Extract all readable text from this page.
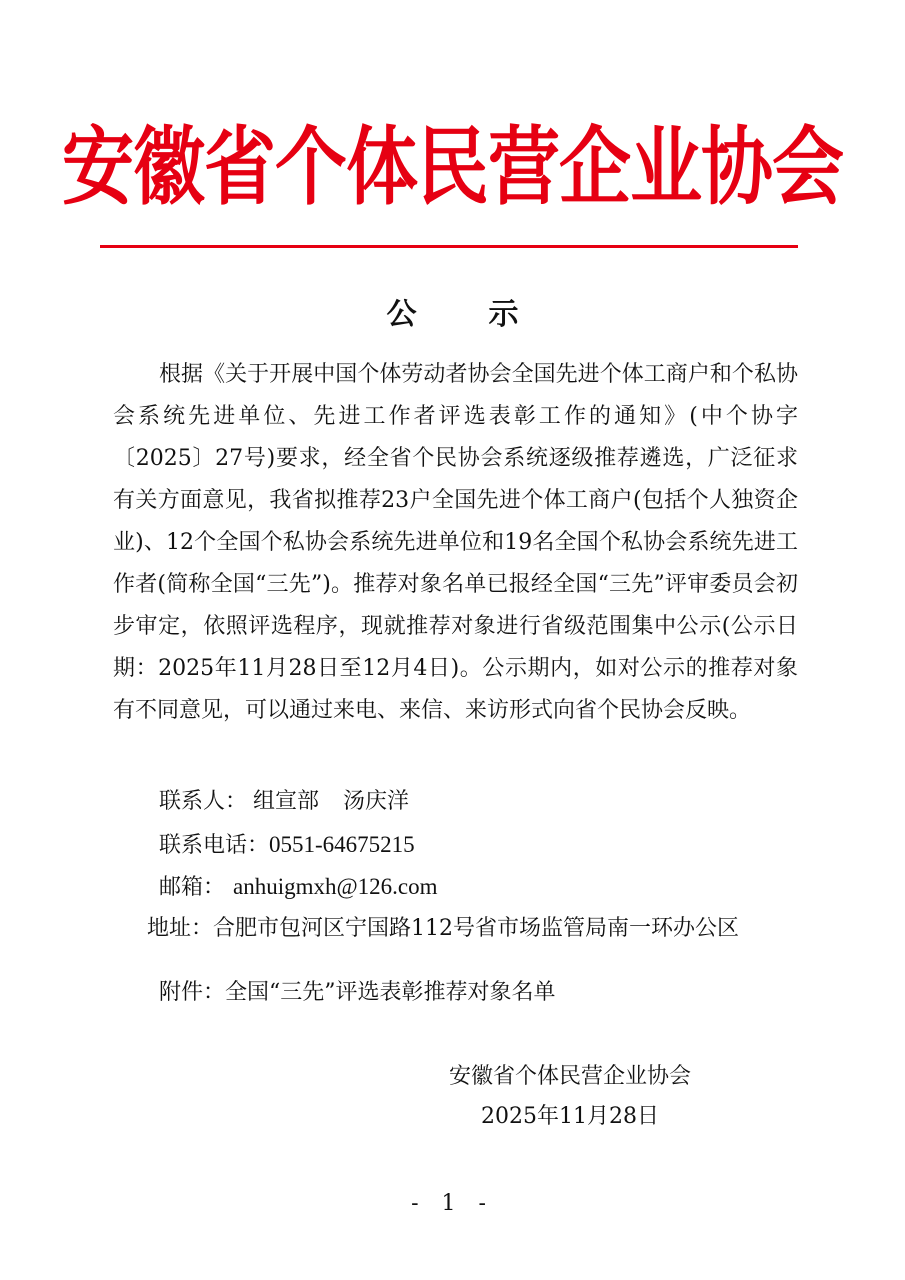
安徽省个体民营企业协会
公示
根据《关于开展中国个体劳动者协会全国先进个体工商户和个私协会系统先进单位、先进工作者评选表彰工作的通知》(中个协字〔2025〕27号)要求，经全省个民协会系统逐级推荐遴选，广泛征求有关方面意见，我省拟推荐23户全国先进个体工商户(包括个人独资企业)、12个全国个私协会系统先进单位和19名全国个私协会系统先进工作者(简称全国“三先”)。推荐对象名单已报经全国“三先”评审委员会初步审定，依照评选程序，现就推荐对象进行省级范围集中公示(公示日期：2025年11月28日至12月4日)。公示期内，如对公示的推荐对象有不同意见，可以通过来电、来信、来访形式向省个民协会反映。
联系人： 组宣部 汤庆洋
联系电话：0551-64675215
邮箱： anhuigmxh@126.com
地址：合肥市包河区宁国路112号省市场监管局南一环办公区
附件：全国“三先”评选表彰推荐对象名单
安徽省个体民营企业协会
2025年11月28日
- 1 -
